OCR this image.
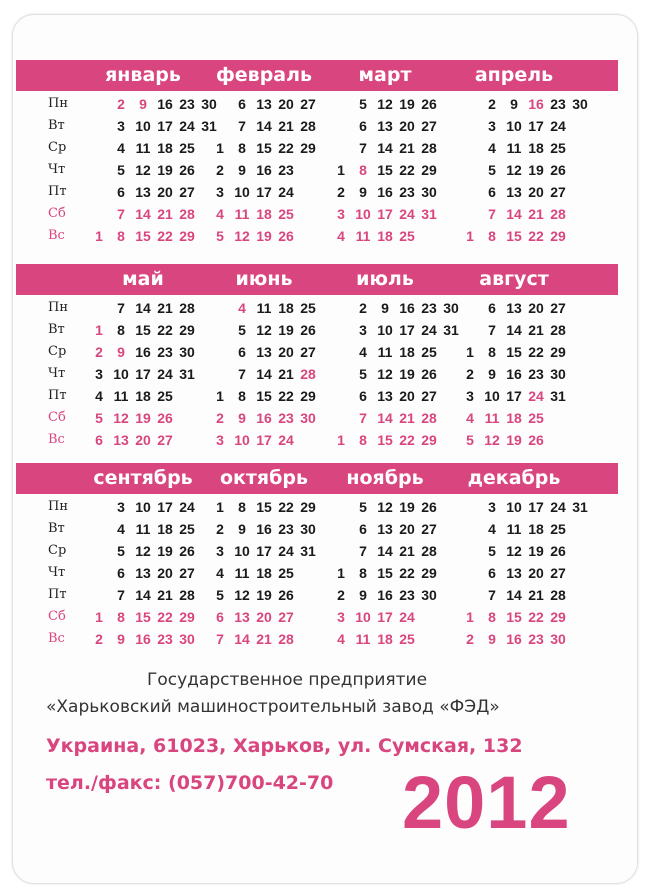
Пн
Вт
Ср
Чт
Пт
Сб
Вс
январь
1
2
3
4
5
6
7
8
9
10
11
12
13
14
15
16
17
18
19
20
21
22
23
24
25
26
27
28
29
30
31
февраль
1
2
3
4
5
6
7
8
9
10
11
12
13
14
15
16
17
18
19
20
21
22
23
24
25
26
27
28
29
март
1
2
3
4
5
6
7
8
9
10
11
12
13
14
15
16
17
18
19
20
21
22
23
24
25
26
27
28
29
30
31
апрель
1
2
3
4
5
6
7
8
9
10
11
12
13
14
15
16
17
18
19
20
21
22
23
24
25
26
27
28
29
30
Пн
Вт
Ср
Чт
Пт
Сб
Вс
май
1
2
3
4
5
6
7
8
9
10
11
12
13
14
15
16
17
18
19
20
21
22
23
24
25
26
27
28
29
30
31
июнь
1
2
3
4
5
6
7
8
9
10
11
12
13
14
15
16
17
18
19
20
21
22
23
24
25
26
27
28
29
30
июль
1
2
3
4
5
6
7
8
9
10
11
12
13
14
15
16
17
18
19
20
21
22
23
24
25
26
27
28
29
30
31
август
1
2
3
4
5
6
7
8
9
10
11
12
13
14
15
16
17
18
19
20
21
22
23
24
25
26
27
28
29
30
31
Пн
Вт
Ср
Чт
Пт
Сб
Вс
сентябрь
1
2
3
4
5
6
7
8
9
10
11
12
13
14
15
16
17
18
19
20
21
22
23
24
25
26
27
28
29
30
октябрь
1
2
3
4
5
6
7
8
9
10
11
12
13
14
15
16
17
18
19
20
21
22
23
24
25
26
27
28
29
30
31
ноябрь
1
2
3
4
5
6
7
8
9
10
11
12
13
14
15
16
17
18
19
20
21
22
23
24
25
26
27
28
29
30
декабрь
1
2
3
4
5
6
7
8
9
10
11
12
13
14
15
16
17
18
19
20
21
22
23
24
25
26
27
28
29
30
31
Государственное предприятие
«Харьковский машиностроительный завод «ФЭД»
Украина, 61023, Харьков, ул. Сумская, 132
тел./факс: (057)700-42-70 2012
